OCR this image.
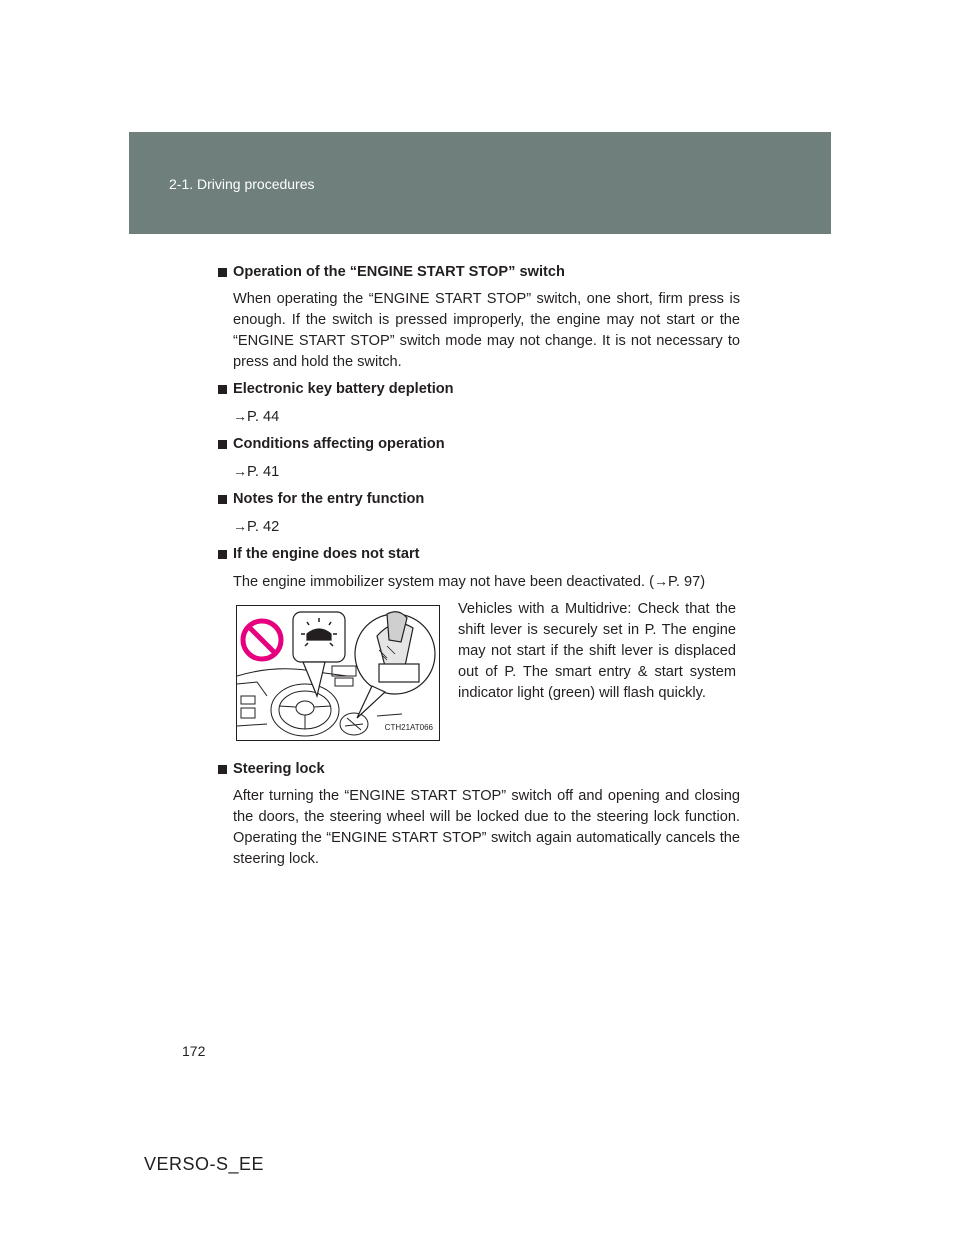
2-1. Driving procedures
Operation of the “ENGINE START STOP” switch
When operating the “ENGINE START STOP” switch, one short, firm press is enough. If the switch is pressed improperly, the engine may not start or the “ENGINE START STOP” switch mode may not change. It is not necessary to press and hold the switch.
Electronic key battery depletion
→P. 44
Conditions affecting operation
→P. 41
Notes for the entry function
→P. 42
If the engine does not start
The engine immobilizer system may not have been deactivated. (→P. 97)
CTH21AT066
Vehicles with a Multidrive: Check that the shift lever is securely set in P. The engine may not start if the shift lever is displaced out of P. The smart entry & start system indicator light (green) will flash quickly.
Steering lock
After turning the “ENGINE START STOP” switch off and opening and closing the doors, the steering wheel will be locked due to the steering lock function. Operating the “ENGINE START STOP” switch again automatically cancels the steering lock.
172
VERSO-S_EE
